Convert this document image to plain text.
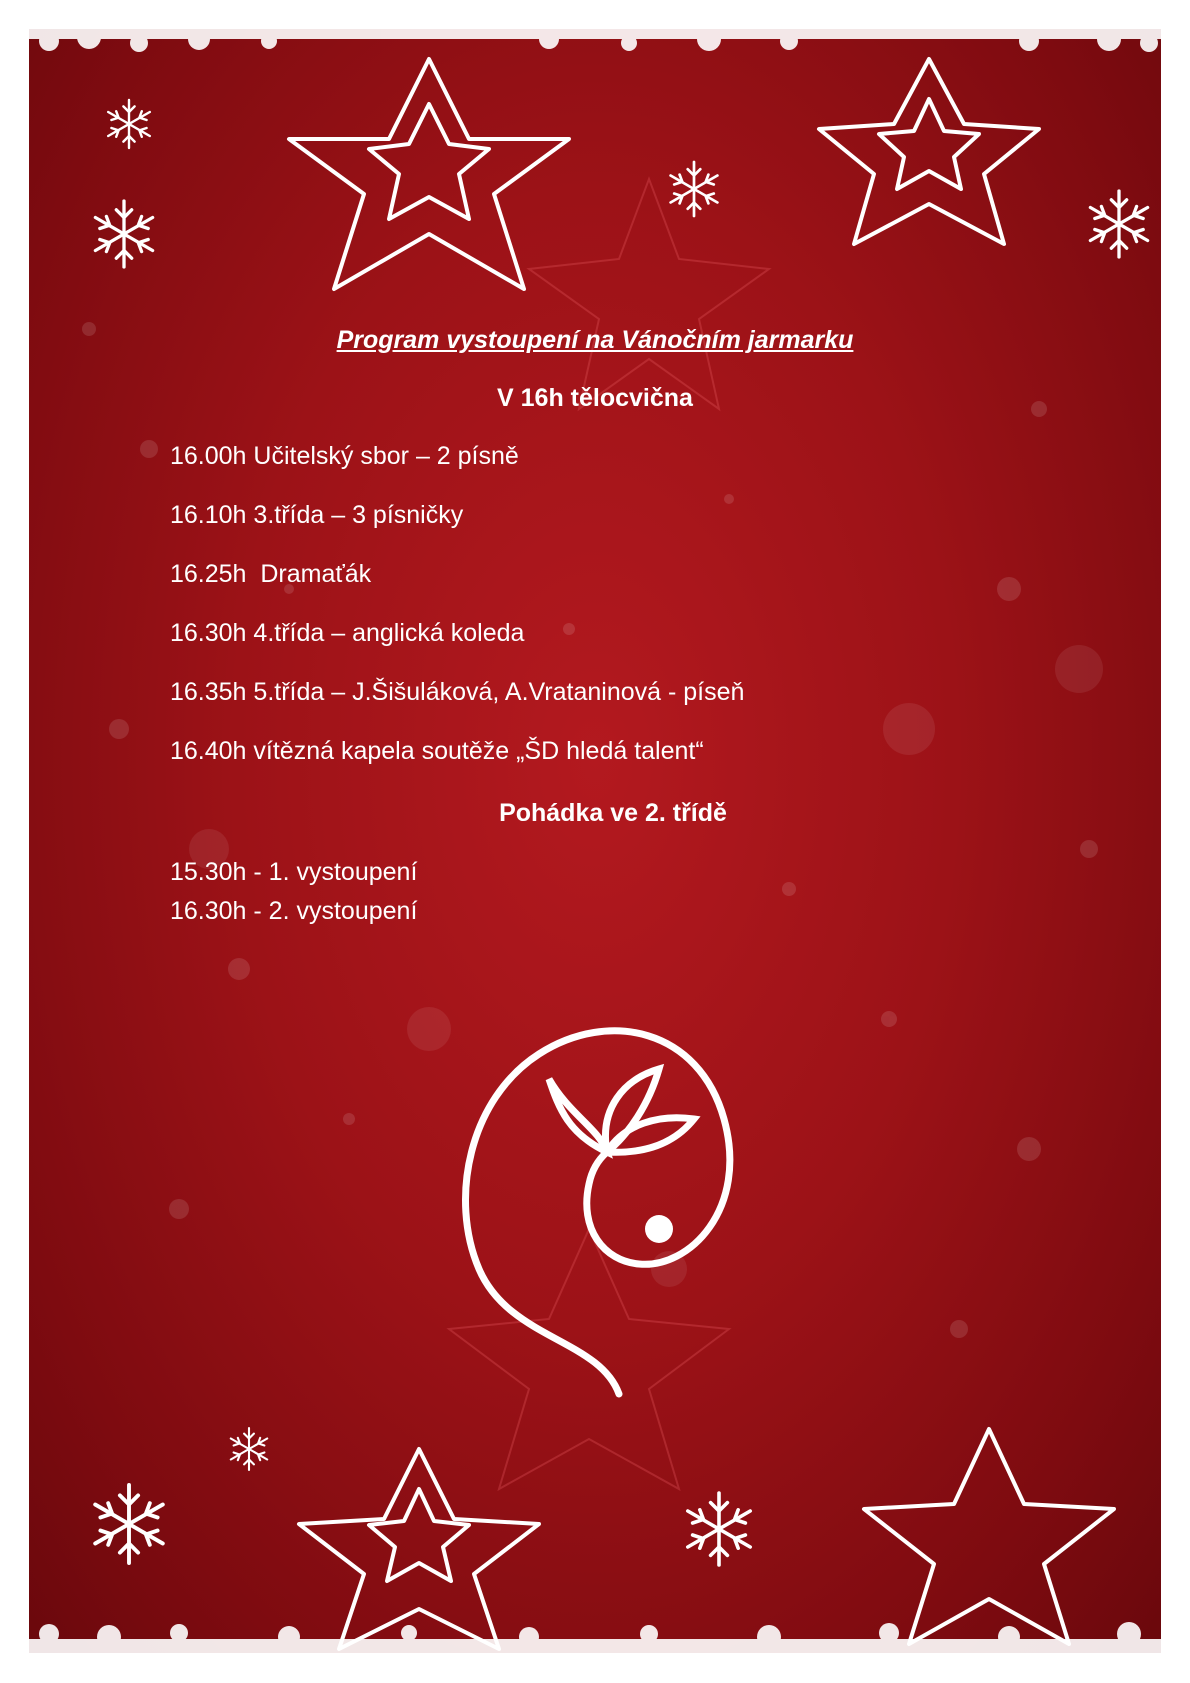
Program vystoupení na Vánočním jarmarku
V 16h tělocvična
16.00h Učitelský sbor – 2 písně
16.10h 3.třída – 3 písničky
16.25h  Dramaťák
16.30h 4.třída – anglická koleda
16.35h 5.třída – J.Šišuláková, A.Vrataninová - píseň
16.40h vítězná kapela soutěže „ŠD hledá talent“
Pohádka ve 2. třídě
15.30h - 1. vystoupení
16.30h - 2. vystoupení
